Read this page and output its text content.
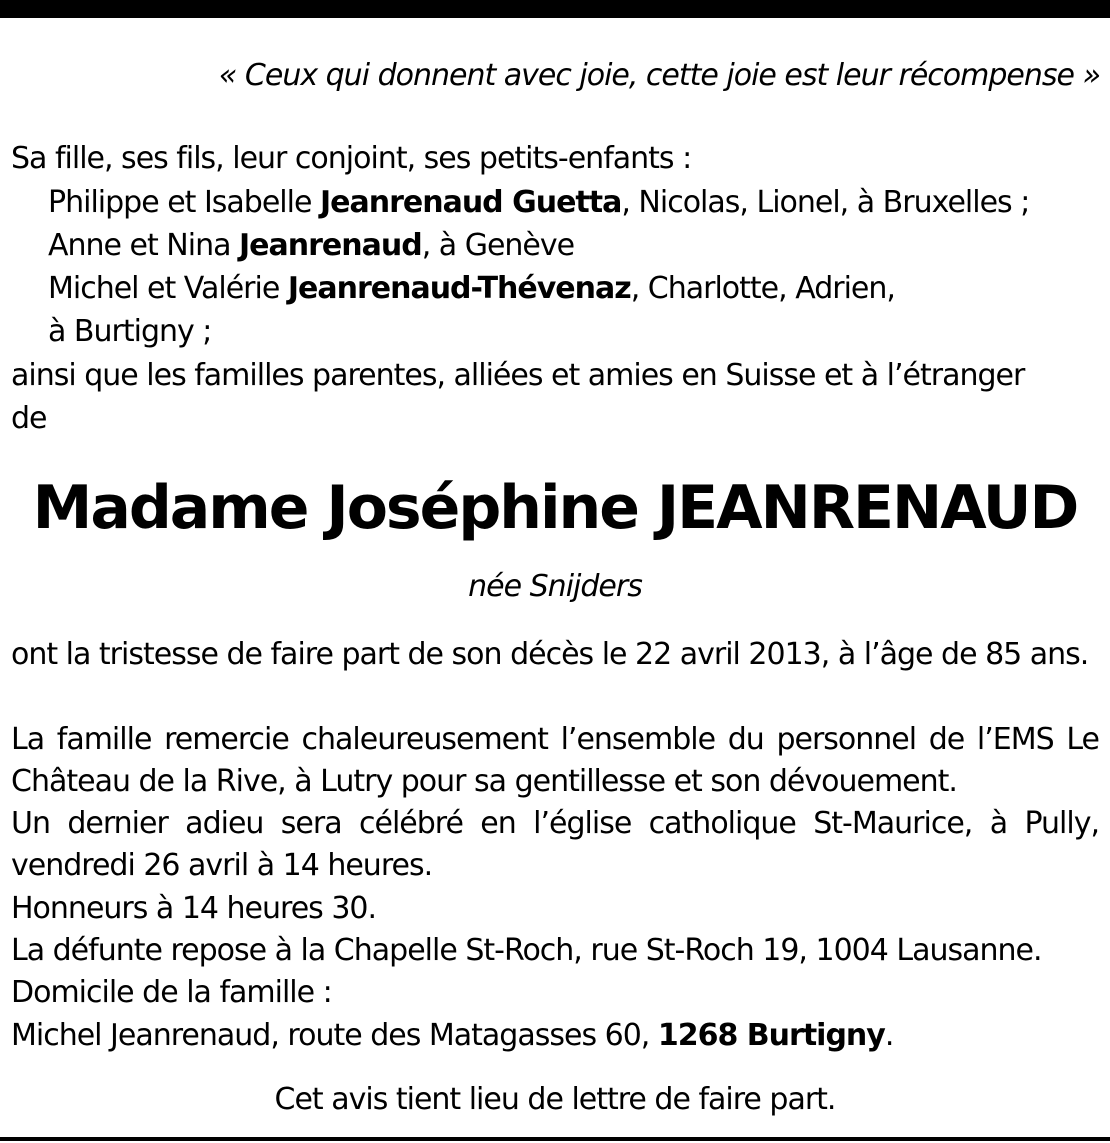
« Ceux qui donnent avec joie, cette joie est leur récompense »
Sa fille, ses fils, leur conjoint, ses petits-enfants :
Philippe et Isabelle Jeanrenaud Guetta, Nicolas, Lionel, à Bruxelles ;
Anne et Nina Jeanrenaud, à Genève
Michel et Valérie Jeanrenaud-Thévenaz, Charlotte, Adrien,
à Burtigny ;
ainsi que les familles parentes, alliées et amies en Suisse et à l’étranger
de
Madame Joséphine JEANRENAUD
née Snijders
ont la tristesse de faire part de son décès le 22 avril 2013, à l’âge de 85 ans.
La famille remercie chaleureusement l’ensemble du personnel de l’EMS Le Château de la Rive, à Lutry pour sa gentillesse et son dévouement.
Un dernier adieu sera célébré en l’église catholique St-Maurice, à Pully, vendredi 26 avril à 14 heures.
Honneurs à 14 heures 30.
La défunte repose à la Chapelle St-Roch, rue St-Roch 19, 1004 Lausanne.
Domicile de la famille :
Michel Jeanrenaud, route des Matagasses 60, 1268 Burtigny.
Cet avis tient lieu de lettre de faire part.
